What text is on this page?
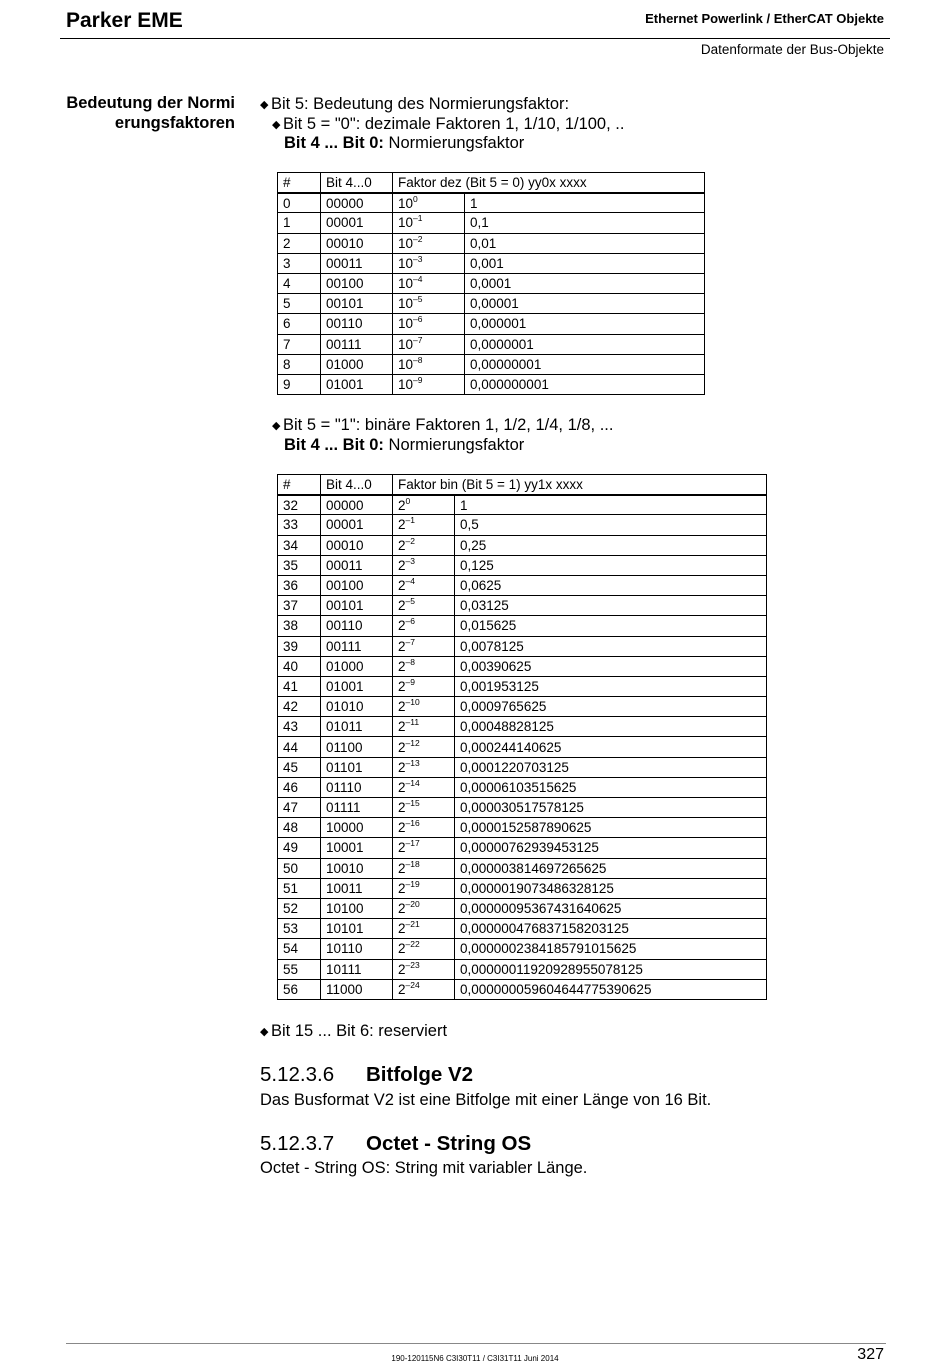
Parker EME	Ethernet Powerlink / EtherCAT Objekte
Datenformate der Bus-Objekte
Bedeutung der Normierungsfaktoren
◆ Bit 5: Bedeutung des Normierungsfaktor:
◆ Bit 5 = "0": dezimale Faktoren 1, 1/10, 1/100, ..
Bit 4 ... Bit 0: Normierungsfaktor
#	Bit 4...0	Faktor dez (Bit 5 = 0) yy0x xxxx	
0	00000	$10^0$	1
1	00001	$10^{-1}$	0,1
2	00010	$10^{-2}$	0,01
3	00011	$10^{-3}$	0,001
4	00100	$10^{-4}$	0,0001
5	00101	$10^{-5}$	0,00001
6	00110	$10^{-6}$	0,000001
7	00111	$10^{-7}$	0,0000001
8	01000	$10^{-8}$	0,00000001
9	01001	$10^{-9}$	0,000000001
◆ Bit 5 = "1": binäre Faktoren 1, 1/2, 1/4, 1/8, ...
Bit 4 ... Bit 0: Normierungsfaktor
#	Bit 4...0	Faktor bin (Bit 5 = 1) yy1x xxxx	
32	00000	$2^0$	1
33	00001	$2^{-1}$	0,5
34	00010	$2^{-2}$	0,25
35	00011	$2^{-3}$	0,125
36	00100	$2^{-4}$	0,0625
37	00101	$2^{-5}$	0,03125
38	00110	$2^{-6}$	0,015625
39	00111	$2^{-7}$	0,0078125
40	01000	$2^{-8}$	0,00390625
41	01001	$2^{-9}$	0,001953125
42	01010	$2^{-10}$	0,0009765625
43	01011	$2^{-11}$	0,00048828125
44	01100	$2^{-12}$	0,000244140625
45	01101	$2^{-13}$	0,0001220703125
46	01110	$2^{-14}$	0,00006103515625
47	01111	$2^{-15}$	0,000030517578125
48	10000	$2^{-16}$	0,0000152587890625
49	10001	$2^{-17}$	0,00000762939453125
50	10010	$2^{-18}$	0,000003814697265625
51	10011	$2^{-19}$	0,0000019073486328125
52	10100	$2^{-20}$	0,00000095367431640625
53	10101	$2^{-21}$	0,000000476837158203125
54	10110	$2^{-22}$	0,0000002384185791015625
55	10111	$2^{-23}$	0,00000011920928955078125
56	11000	$2^{-24}$	0,000000059604644775390625
◆ Bit 15 ... Bit 6: reserviert
5.12.3.6 Bitfolge V2
Das Busformat V2 ist eine Bitfolge mit einer Länge von 16 Bit.
5.12.3.7 Octet - String OS
Octet - String OS: String mit variabler Länge.
190-120115N6 C3I30T11 / C3I31T11 Juni 2014	327
